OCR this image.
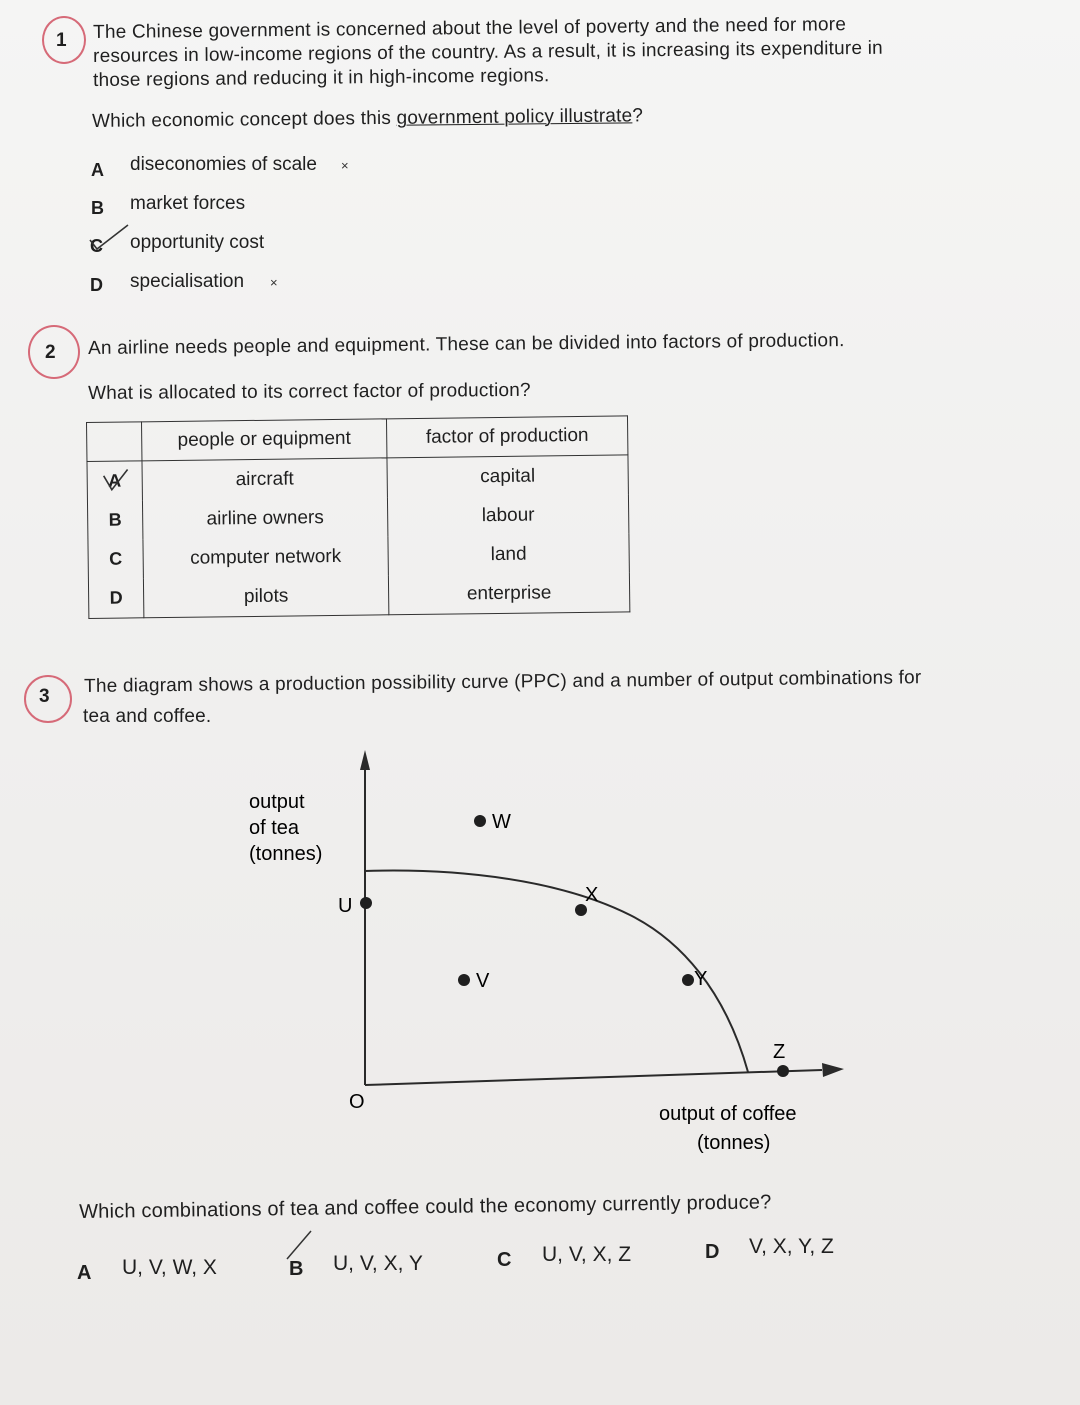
1 The Chinese government is concerned about the level of poverty and the need for more
resources in low-income regions of the country. As a result, it is increasing its expenditure in
those regions and reducing it in high-income regions.
Which economic concept does this government policy illustrate?
A diseconomies of scale ×
B market forces
C opportunity cost
D specialisation ×
2 An airline needs people and equipment. These can be divided into factors of production.
What is allocated to its correct factor of production?
	people or equipment	factor of production
A	aircraft	capital
B	airline owners	labour
C	computer network	land
D	pilots	enterprise
3 The diagram shows a production possibility curve (PPC) and a number of output combinations for
tea and coffee.
U
W
X
V	Y
Z
O
output
of tea
(tonnes)
output of coffee
(tonnes)
Which combinations of tea and coffee could the economy currently produce?
A U, V, W, X	B U, V, X, Y	C U, V, X, Z	D V, X, Y, Z
